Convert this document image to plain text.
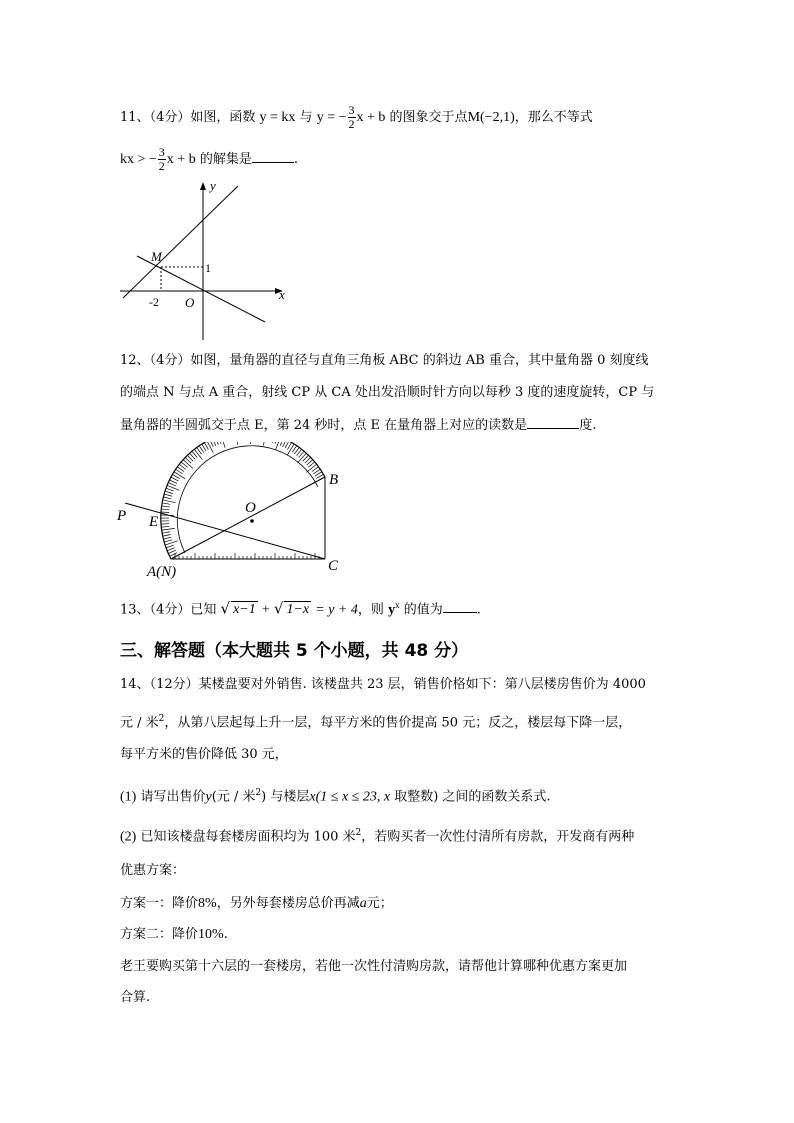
11、（4分）如图，函数 y = kx 与 y = − $\frac{3}{2}$ x + b 的图象交于点M(−2,1)，那么不等式
kx > − $\frac{3}{2}$ x + b 的解集是	.
y
x
M
1
-2 O
12、（4分）如图，量角器的直径与直角三角板 ABC 的斜边 AB 重合，其中量角器 0 刻度线
的端点 N 与点 A 重合，射线 CP 从 CA 处出发沿顺时针方向以每秒 3 度的速度旋转，CP 与
量角器的半圆弧交于点 E，第 24 秒时，点 E 在量角器上对应的读数是	度.
P E
O
B
C
A(N)
13、（4分）已知 √ x−1 + √ 1−x = y + 4，则 $y^x$ 的值为	.
三、解答题（本大题共 5 个小题，共 48 分）
14、（12分）某楼盘要对外销售. 该楼盘共 23 层，销售价格如下：第八层楼房售价为 4000
元 / 米$^2$，从第八层起每上升一层，每平方米的售价提高 50 元；反之，楼层每下降一层，
每平方米的售价降低 30 元，
(1) 请写出售价y(元 / 米$^2$) 与楼层x(1 ≤ x ≤ 23, x 取整数) 之间的函数关系式.
(2) 已知该楼盘每套楼房面积均为 100 米$^2$，若购买者一次性付清所有房款，开发商有两种
优惠方案：
方案一：降价8%，另外每套楼房总价再减a元；
方案二：降价10%.
老王要购买第十六层的一套楼房，若他一次性付清购房款，请帮他计算哪种优惠方案更加
合算.
